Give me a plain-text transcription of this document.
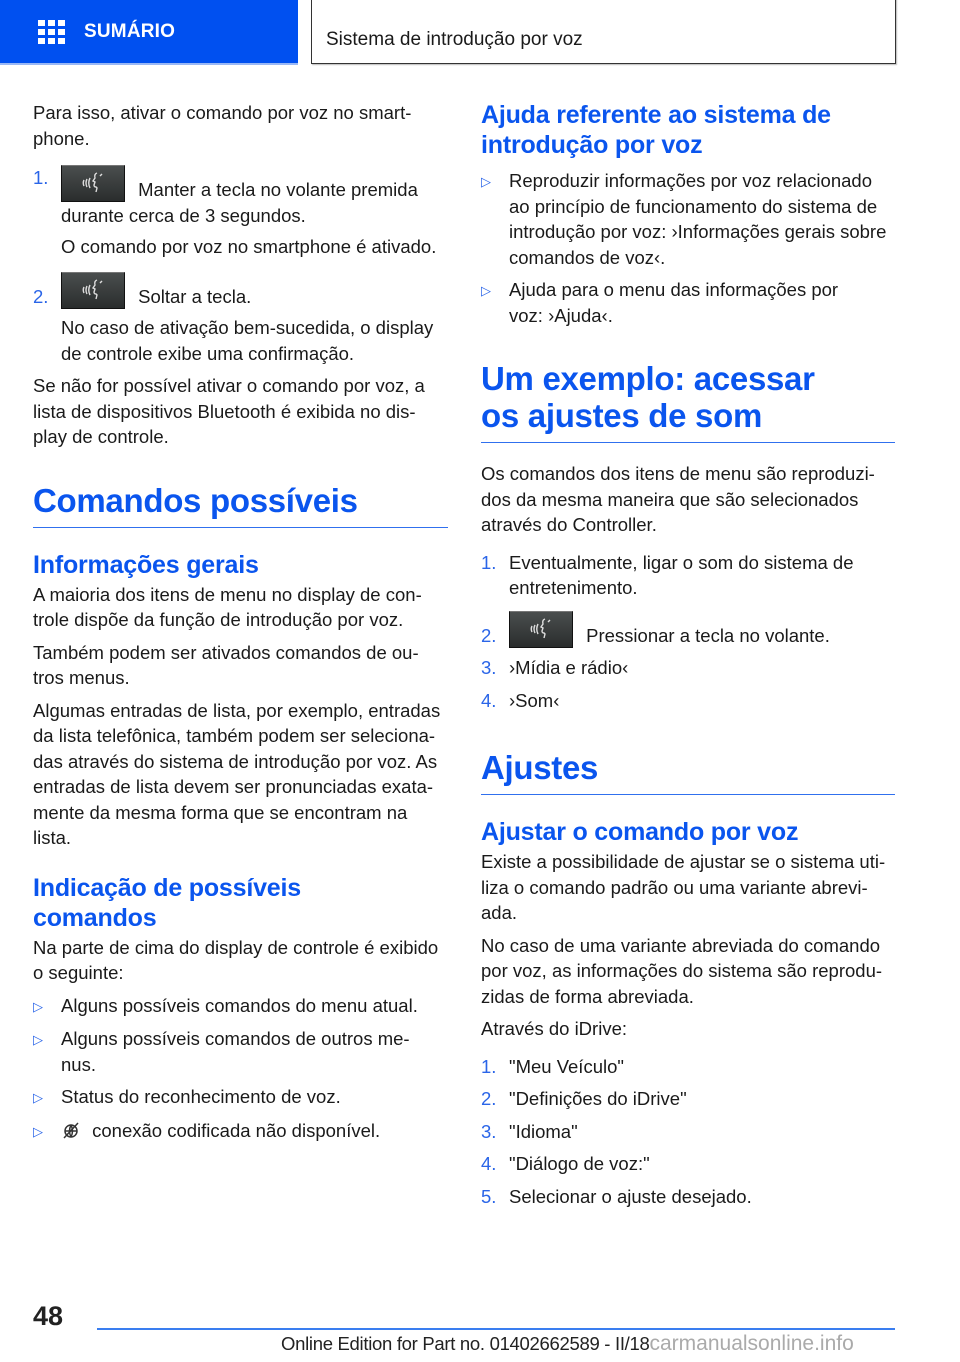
SUMÁRIO	Sistema de introdução por voz

Para isso, ativar o comando por voz no smart-phone.

1.
Manter a tecla no volante premida durante cerca de 3 segundos.

O comando por voz no smartphone é ativado.

2.	Soltar a tecla.

No caso de ativação bem-sucedida, o display de controle exibe uma confirmação.

Se não for possível ativar o comando por voz, a lista de dispositivos Bluetooth é exibida no dis-play de controle.

Comandos possíveis
Informações gerais

A maioria dos itens de menu no display de con-trole dispõe da função de introdução por voz.

Também podem ser ativados comandos de ou-tros menus.

Algumas entradas de lista, por exemplo, entradas da lista telefônica, também podem ser seleciona-das através do sistema de introdução por voz. As entradas de lista devem ser pronunciadas exata-mente da mesma forma que se encontram na lista.

Indicação de possíveis comandos

Na parte de cima do display de controle é exibido o seguinte:

▷ Alguns possíveis comandos do menu atual.
▷ Alguns possíveis comandos de outros me-nus.
▷ Status do reconhecimento de voz.
▷	conexão codificada não disponível.
Ajuda referente ao sistema de introdução por voz
▷ Reproduzir informações por voz relacionado ao princípio de funcionamento do sistema de introdução por voz: ›Informações gerais sobre comandos de voz‹.
▷ Ajuda para o menu das informações por voz: ›Ajuda‹.
Um exemplo: acessar os ajustes de som

Os comandos dos itens de menu são reproduzi-dos da mesma maneira que são selecionados através do Controller.

1. Eventualmente, ligar o som do sistema de entretenimento.
2.	Pressionar a tecla no volante.
3. ›Mídia e rádio‹
4. ›Som‹
Ajustes
Ajustar o comando por voz

Existe a possibilidade de ajustar se o sistema uti-liza o comando padrão ou uma variante abrevi-ada.

No caso de uma variante abreviada do comando por voz, as informações do sistema são reprodu-zidas de forma abreviada.

Através do iDrive:

1. "Meu Veículo"
2. "Definições do iDrive"
3. "Idioma"
4. "Diálogo de voz:"
5. Selecionar o ajuste desejado.
48
Online Edition for Part no. 01402662589 - II/18carmanualsonline.info
